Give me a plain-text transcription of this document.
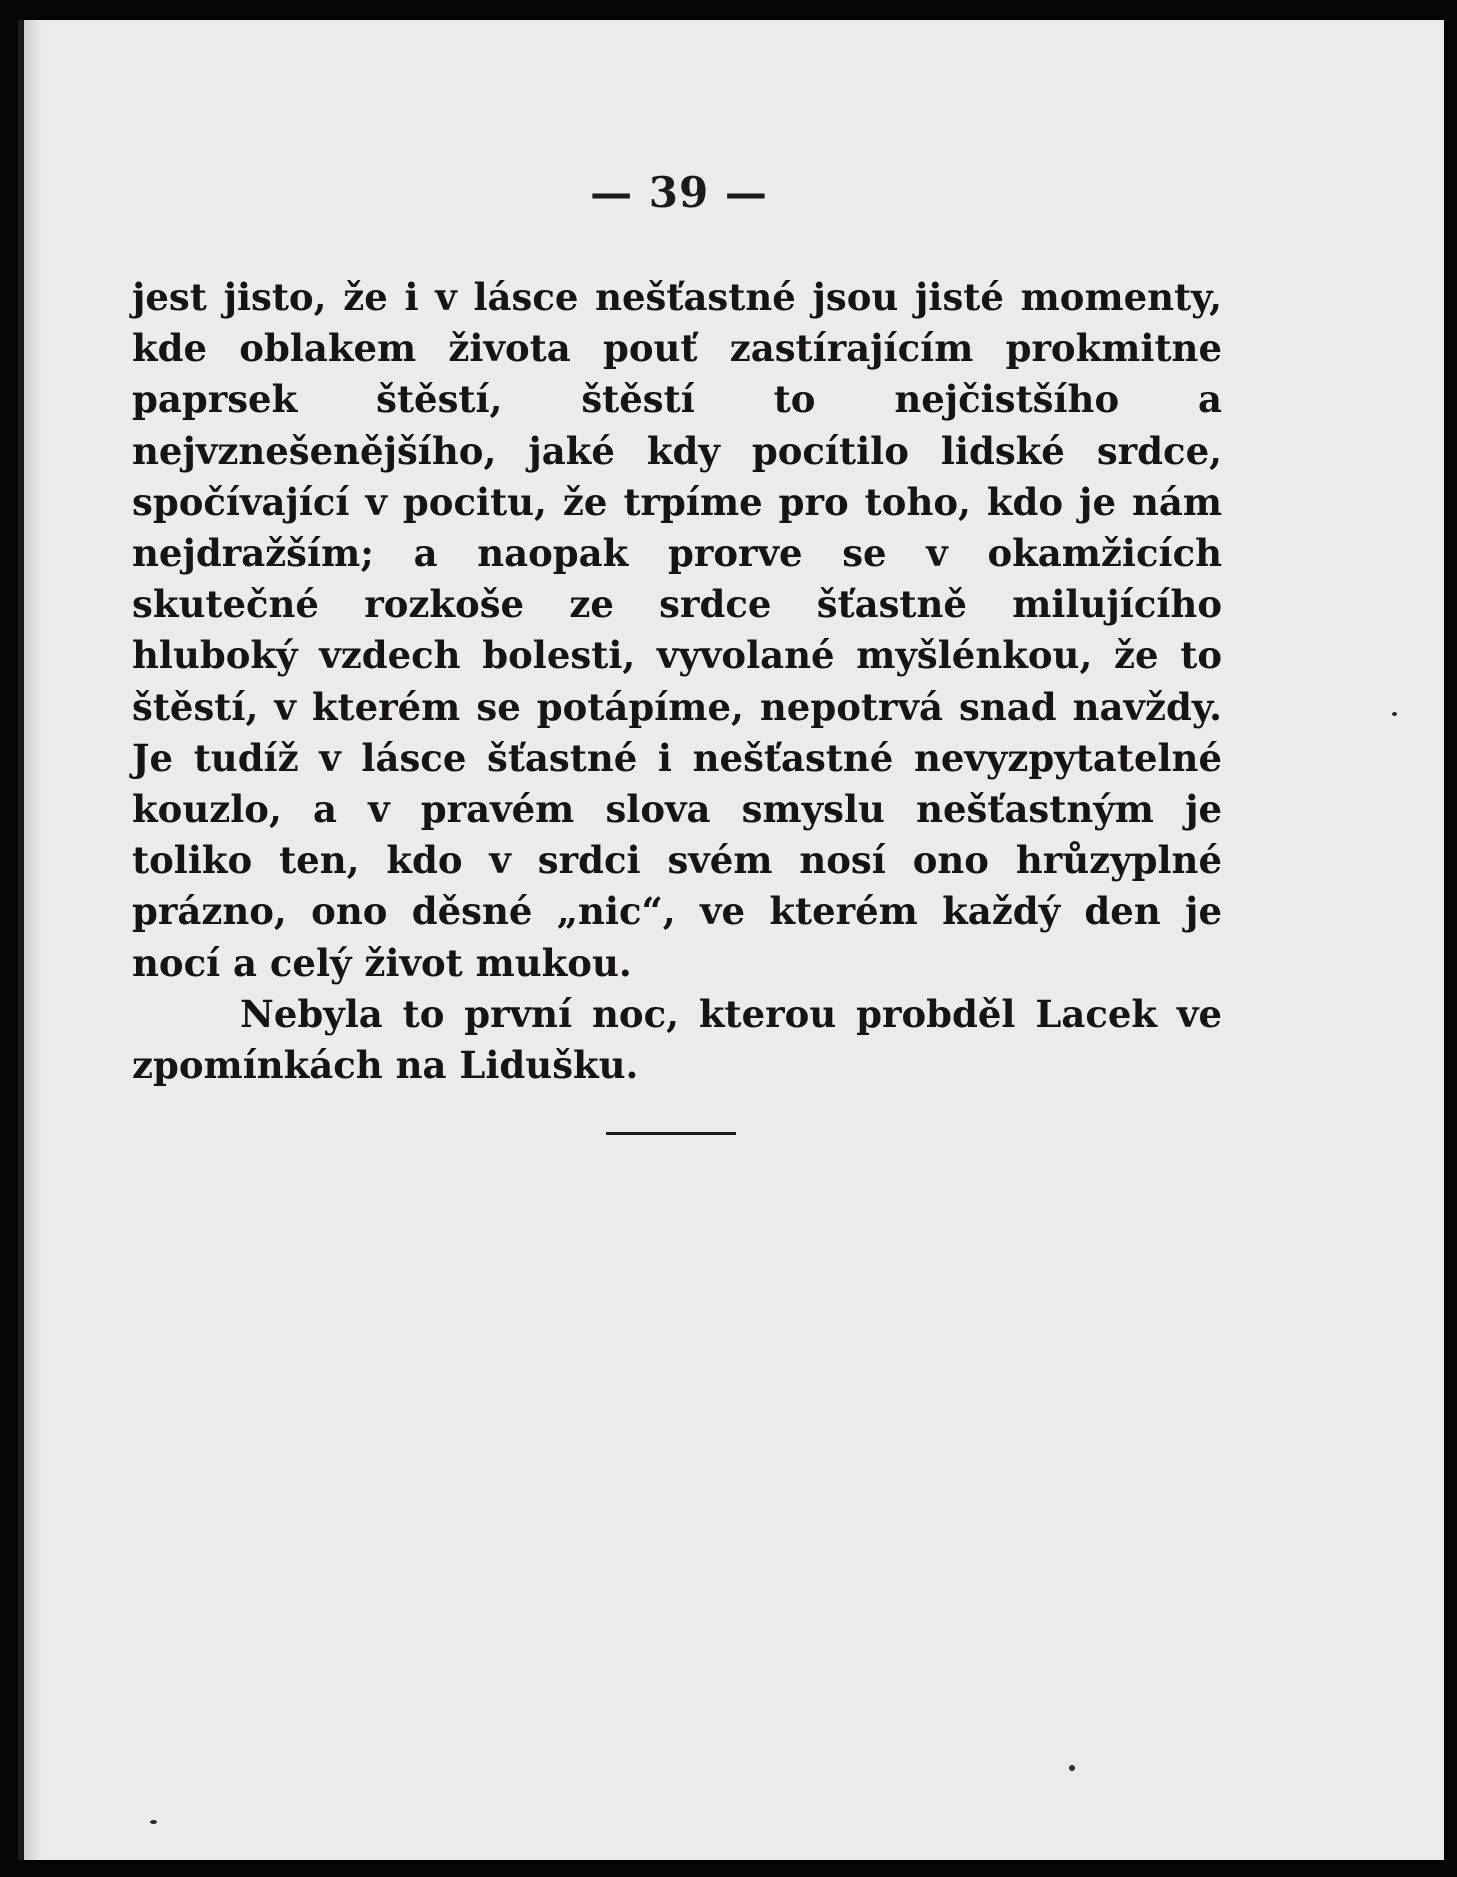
— 39 —

jest jisto, že i v lásce nešťastné jsou jisté momenty, kde oblakem života pouť zastírajícím prokmitne paprsek štěstí, štěstí to nejčistšího a nejvznešenějšího, jaké kdy pocítilo lidské srdce, spočívající v pocitu, že trpíme pro toho, kdo je nám nejdražším; a naopak prorve se v okamžicích skutečné rozkoše ze srdce šťastně milujícího hluboký vzdech bolesti, vyvolané myšlénkou, že to štěstí, v kterém se potápíme, nepotrvá snad navždy. Je tudíž v lásce šťastné i nešťastné nevyzpytatelné kouzlo, a v pravém slova smyslu nešťastným je toliko ten, kdo v srdci svém nosí ono hrůzyplné prázno, ono děsné „nic“, ve kterém každý den je nocí a celý život mukou.

Nebyla to první noc, kterou probděl Lacek ve zpomínkách na Lidušku.
